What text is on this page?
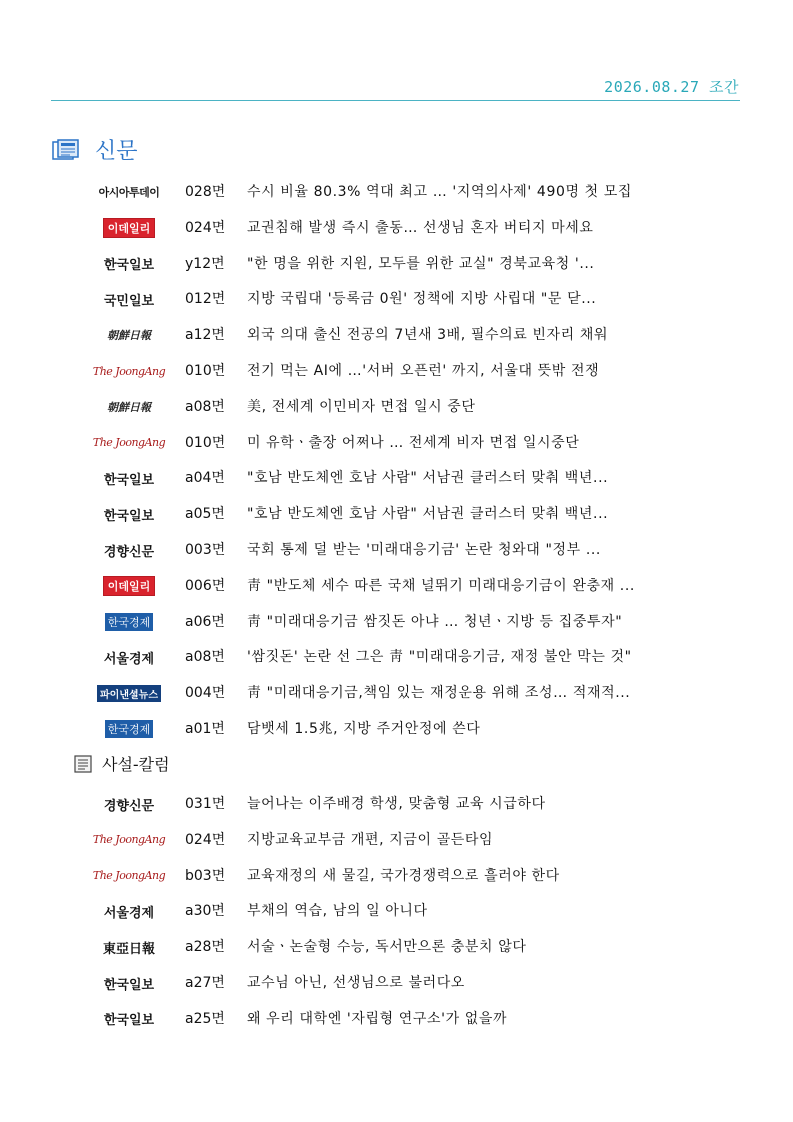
2026.08.27 조간
신문
아시아투데이 028면 수시 비율 80.3% 역대 최고 … '지역의사제' 490명 첫 모집
이데일리	024면 교권침해 발생 즉시 출동… 선생님 혼자 버티지 마세요
한국일보 y12면 "한 명을 위한 지원, 모두를 위한 교실" 경북교육청 '...
국민일보 012면 지방 국립대 '등록금 0원' 정책에 지방 사립대 "문 닫...
朝鮮日報 a12면 외국 의대 출신 전공의 7년새 3배, 필수의료 빈자리 채워
The JoongAng 010면 전기 먹는 AI에 …'서버 오픈런' 까지, 서울대 뜻밖 전쟁
朝鮮日報 a08면 美, 전세계 이민비자 면접 일시 중단
The JoongAng 010면 미 유학ㆍ출장 어쩌나 … 전세계 비자 면접 일시중단
한국일보 a04면 "호남 반도체엔 호남 사람" 서남권 클러스터 맞춰 백년...
한국일보 a05면 "호남 반도체엔 호남 사람" 서남권 클러스터 맞춰 백년...
경향신문 003면 국회 통제 덜 받는 '미래대응기금' 논란 청와대 "정부 ...
이데일리	006면 靑 "반도체 세수 따른 국채 널뛰기 미래대응기금이 완충재 ...
한국경제 a06면 靑 "미래대응기금 쌈짓돈 아냐 … 청년ㆍ지방 등 집중투자"
서울경제 a08면 '쌈짓돈' 논란 선 그은 靑 "미래대응기금, 재정 불안 막는 것"
파이낸셜뉴스 004면 靑 "미래대응기금,책임 있는 재정운용 위해 조성… 적재적...
한국경제 a01면 담뱃세 1.5兆, 지방 주거안정에 쓴다
사설-칼럼
경향신문 031면 늘어나는 이주배경 학생, 맞춤형 교육 시급하다
The JoongAng 024면 지방교육교부금 개편, 지금이 골든타임
The JoongAng b03면 교육재정의 새 물길, 국가경쟁력으로 흘러야 한다
서울경제 a30면 부채의 역습, 남의 일 아니다
東亞日報 a28면 서술ㆍ논술형 수능, 독서만으론 충분치 않다
한국일보 a27면 교수님 아닌, 선생님으로 불러다오
한국일보 a25면 왜 우리 대학엔 '자립형 연구소'가 없을까
